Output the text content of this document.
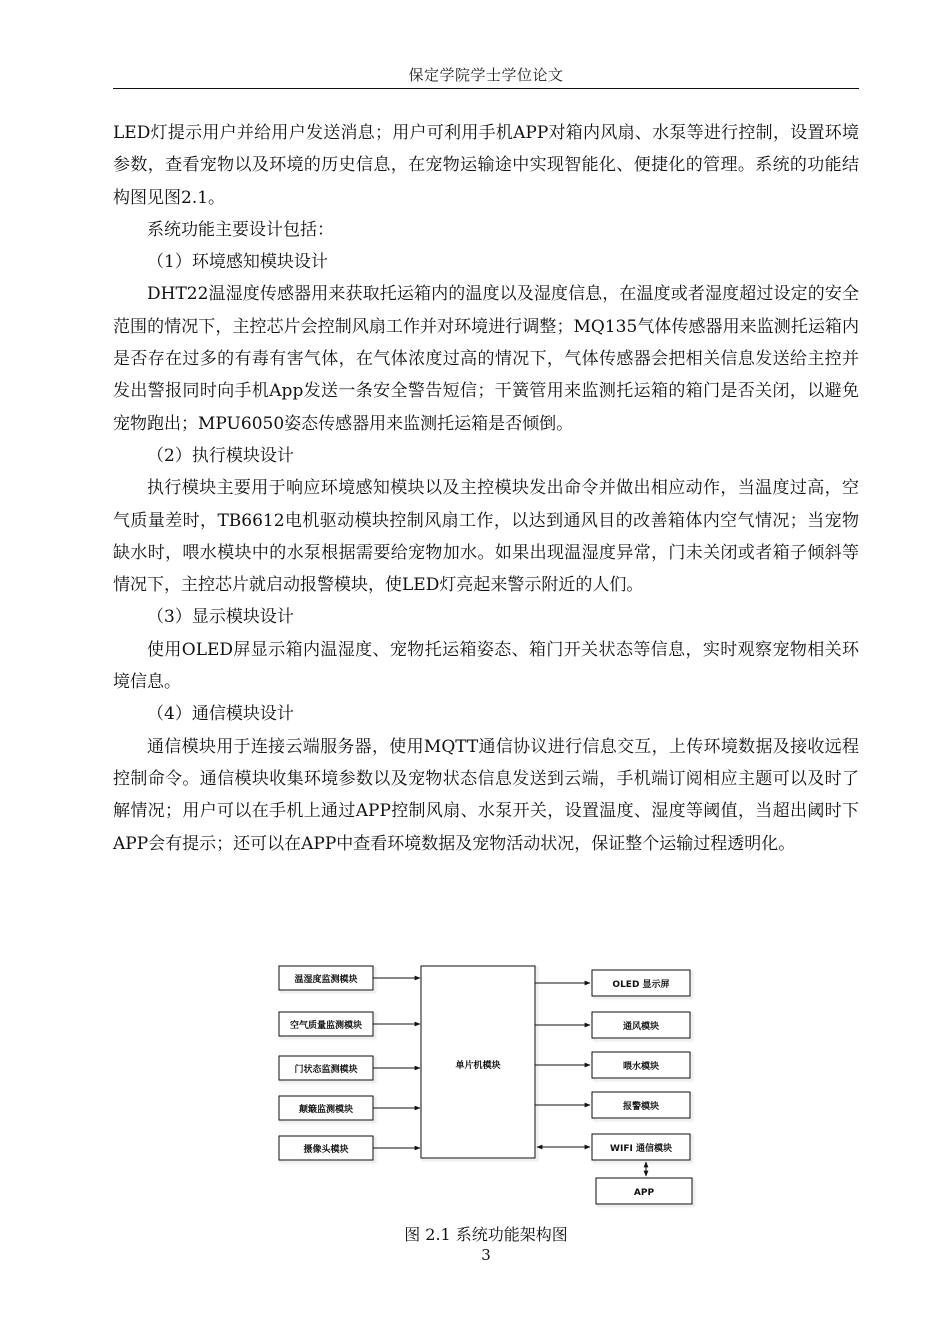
保定学院学士学位论文

LED灯提示用户并给用户发送消息；用户可利用手机APP对箱内风扇、水泵等进行控制，设置环境参数，查看宠物以及环境的历史信息，在宠物运输途中实现智能化、便捷化的管理。系统的功能结构图见图2.1。

系统功能主要设计包括：

（1）环境感知模块设计

DHT22温湿度传感器用来获取托运箱内的温度以及湿度信息，在温度或者湿度超过设定的安全范围的情况下，主控芯片会控制风扇工作并对环境进行调整；MQ135气体传感器用来监测托运箱内是否存在过多的有毒有害气体，在气体浓度过高的情况下，气体传感器会把相关信息发送给主控并发出警报同时向手机App发送一条安全警告短信；干簧管用来监测托运箱的箱门是否关闭，以避免宠物跑出；MPU6050姿态传感器用来监测托运箱是否倾倒。

（2）执行模块设计

执行模块主要用于响应环境感知模块以及主控模块发出命令并做出相应动作，当温度过高，空气质量差时，TB6612电机驱动模块控制风扇工作，以达到通风目的改善箱体内空气情况；当宠物缺水时，喂水模块中的水泵根据需要给宠物加水。如果出现温湿度异常，门未关闭或者箱子倾斜等情况下，主控芯片就启动报警模块，使LED灯亮起来警示附近的人们。

（3）显示模块设计

使用OLED屏显示箱内温湿度、宠物托运箱姿态、箱门开关状态等信息，实时观察宠物相关环境信息。

（4）通信模块设计

通信模块用于连接云端服务器，使用MQTT通信协议进行信息交互，上传环境数据及接收远程控制命令。通信模块收集环境参数以及宠物状态信息发送到云端，手机端订阅相应主题可以及时了解情况；用户可以在手机上通过APP控制风扇、水泵开关，设置温度、湿度等阈值，当超出阈时下APP会有提示；还可以在APP中查看环境数据及宠物活动状况，保证整个运输过程透明化。

单片机模块
温湿度监测模块
空气质量监测模块
门状态监测模块
颠簸监测模块
摄像头模块
OLED 显示屏
通风模块
喂水模块
报警模块
WIFI 通信模块
APP
图 2.1 系统功能架构图
3
